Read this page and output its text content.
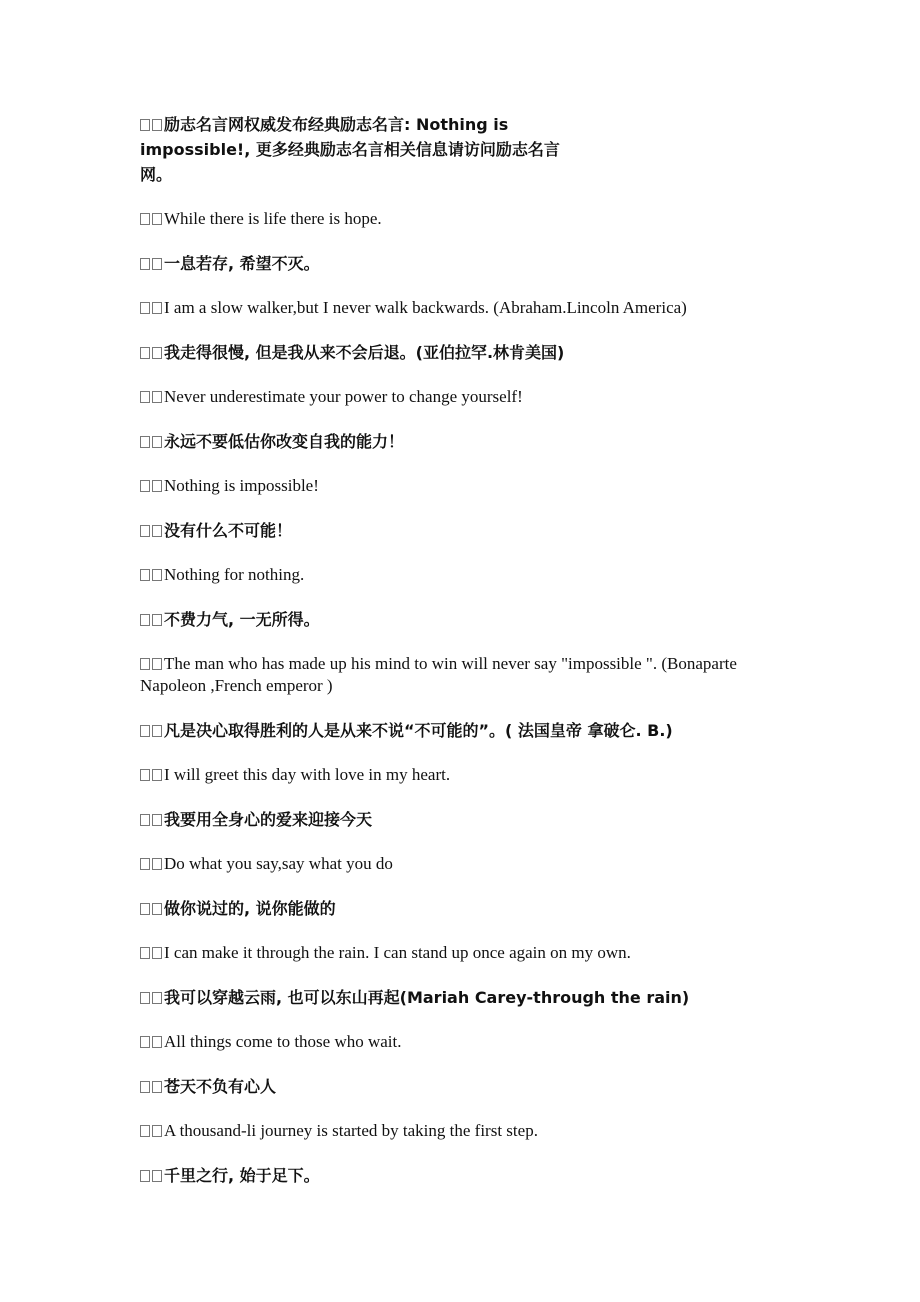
励志名言网权威发布经典励志名言: Nothing is impossible!, 更多经典励志名言相关信息请访问励志名言网。

While there is life there is hope.

一息若存, 希望不灭。

I am a slow walker,but I never walk backwards. (Abraham.Lincoln America)

我走得很慢, 但是我从来不会后退。(亚伯拉罕.林肯美国)

Never underestimate your power to change yourself!

永远不要低估你改变自我的能力！

Nothing is impossible!

没有什么不可能！

Nothing for nothing.

不费力气, 一无所得。

The man who has made up his mind to win will never say "impossible ". (Bonaparte Napoleon ,French emperor )

凡是决心取得胜利的人是从来不说“不可能的”。( 法国皇帝 拿破仑. B.)

I will greet this day with love in my heart.

我要用全身心的爱来迎接今天

Do what you say,say what you do

做你说过的, 说你能做的

I can make it through the rain. I can stand up once again on my own.

我可以穿越云雨, 也可以东山再起(Mariah Carey-through the rain)

All things come to those who wait.

苍天不负有心人

A thousand-li journey is started by taking the first step.

千里之行, 始于足下。
